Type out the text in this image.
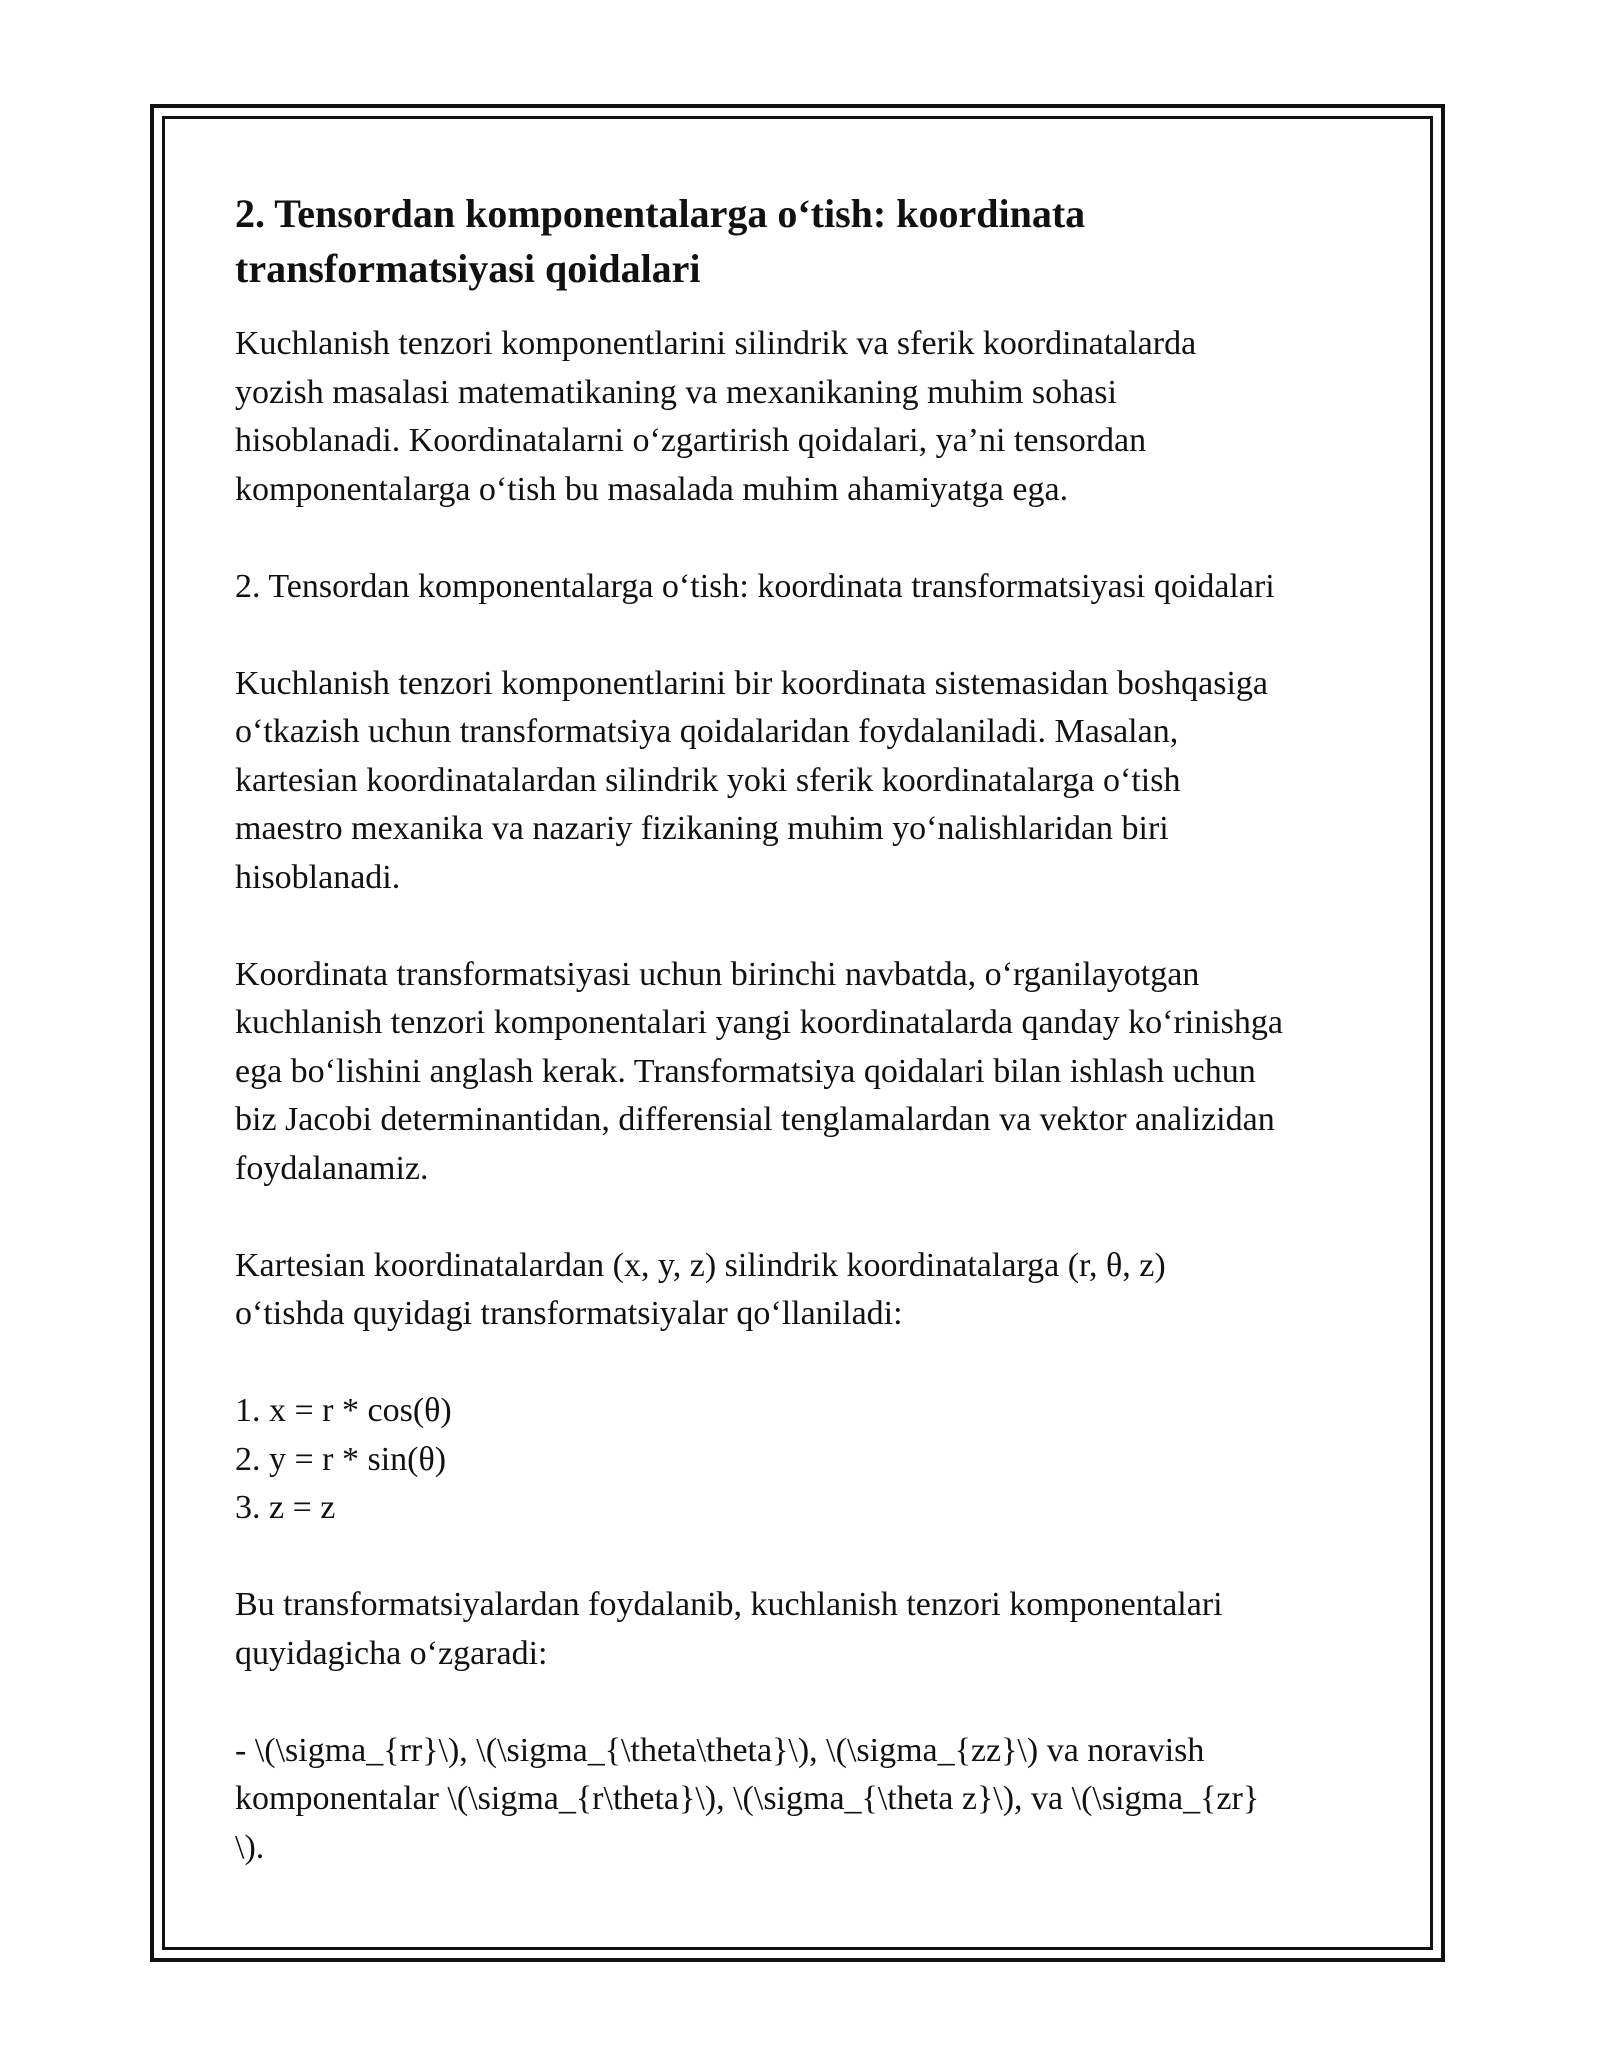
2. Tensordan komponentalarga o‘tish: koordinata
transformatsiyasi qoidalari
Kuchlanish tenzori komponentlarini silindrik va sferik koordinatalarda
yozish masalasi matematikaning va mexanikaning muhim sohasi
hisoblanadi. Koordinatalarni o‘zgartirish qoidalari, ya’ni tensordan
komponentalarga o‘tish bu masalada muhim ahamiyatga ega.
2. Tensordan komponentalarga o‘tish: koordinata transformatsiyasi qoidalari
Kuchlanish tenzori komponentlarini bir koordinata sistemasidan boshqasiga
o‘tkazish uchun transformatsiya qoidalaridan foydalaniladi. Masalan,
kartesian koordinatalardan silindrik yoki sferik koordinatalarga o‘tish
maestro mexanika va nazariy fizikaning muhim yo‘nalishlaridan biri
hisoblanadi.
Koordinata transformatsiyasi uchun birinchi navbatda, o‘rganilayotgan
kuchlanish tenzori komponentalari yangi koordinatalarda qanday ko‘rinishga
ega bo‘lishini anglash kerak. Transformatsiya qoidalari bilan ishlash uchun
biz Jacobi determinantidan, differensial tenglamalardan va vektor analizidan
foydalanamiz.
Kartesian koordinatalardan (x, y, z) silindrik koordinatalarga (r, θ, z)
o‘tishda quyidagi transformatsiyalar qo‘llaniladi:
1. x = r * cos(θ)
2. y = r * sin(θ)
3. z = z
Bu transformatsiyalardan foydalanib, kuchlanish tenzori komponentalari
quyidagicha o‘zgaradi:
- \(\sigma_{rr}\), \(\sigma_{\theta\theta}\), \(\sigma_{zz}\) va noravish
komponentalar \(\sigma_{r\theta}\), \(\sigma_{\theta z}\), va \(\sigma_{zr}
\).
